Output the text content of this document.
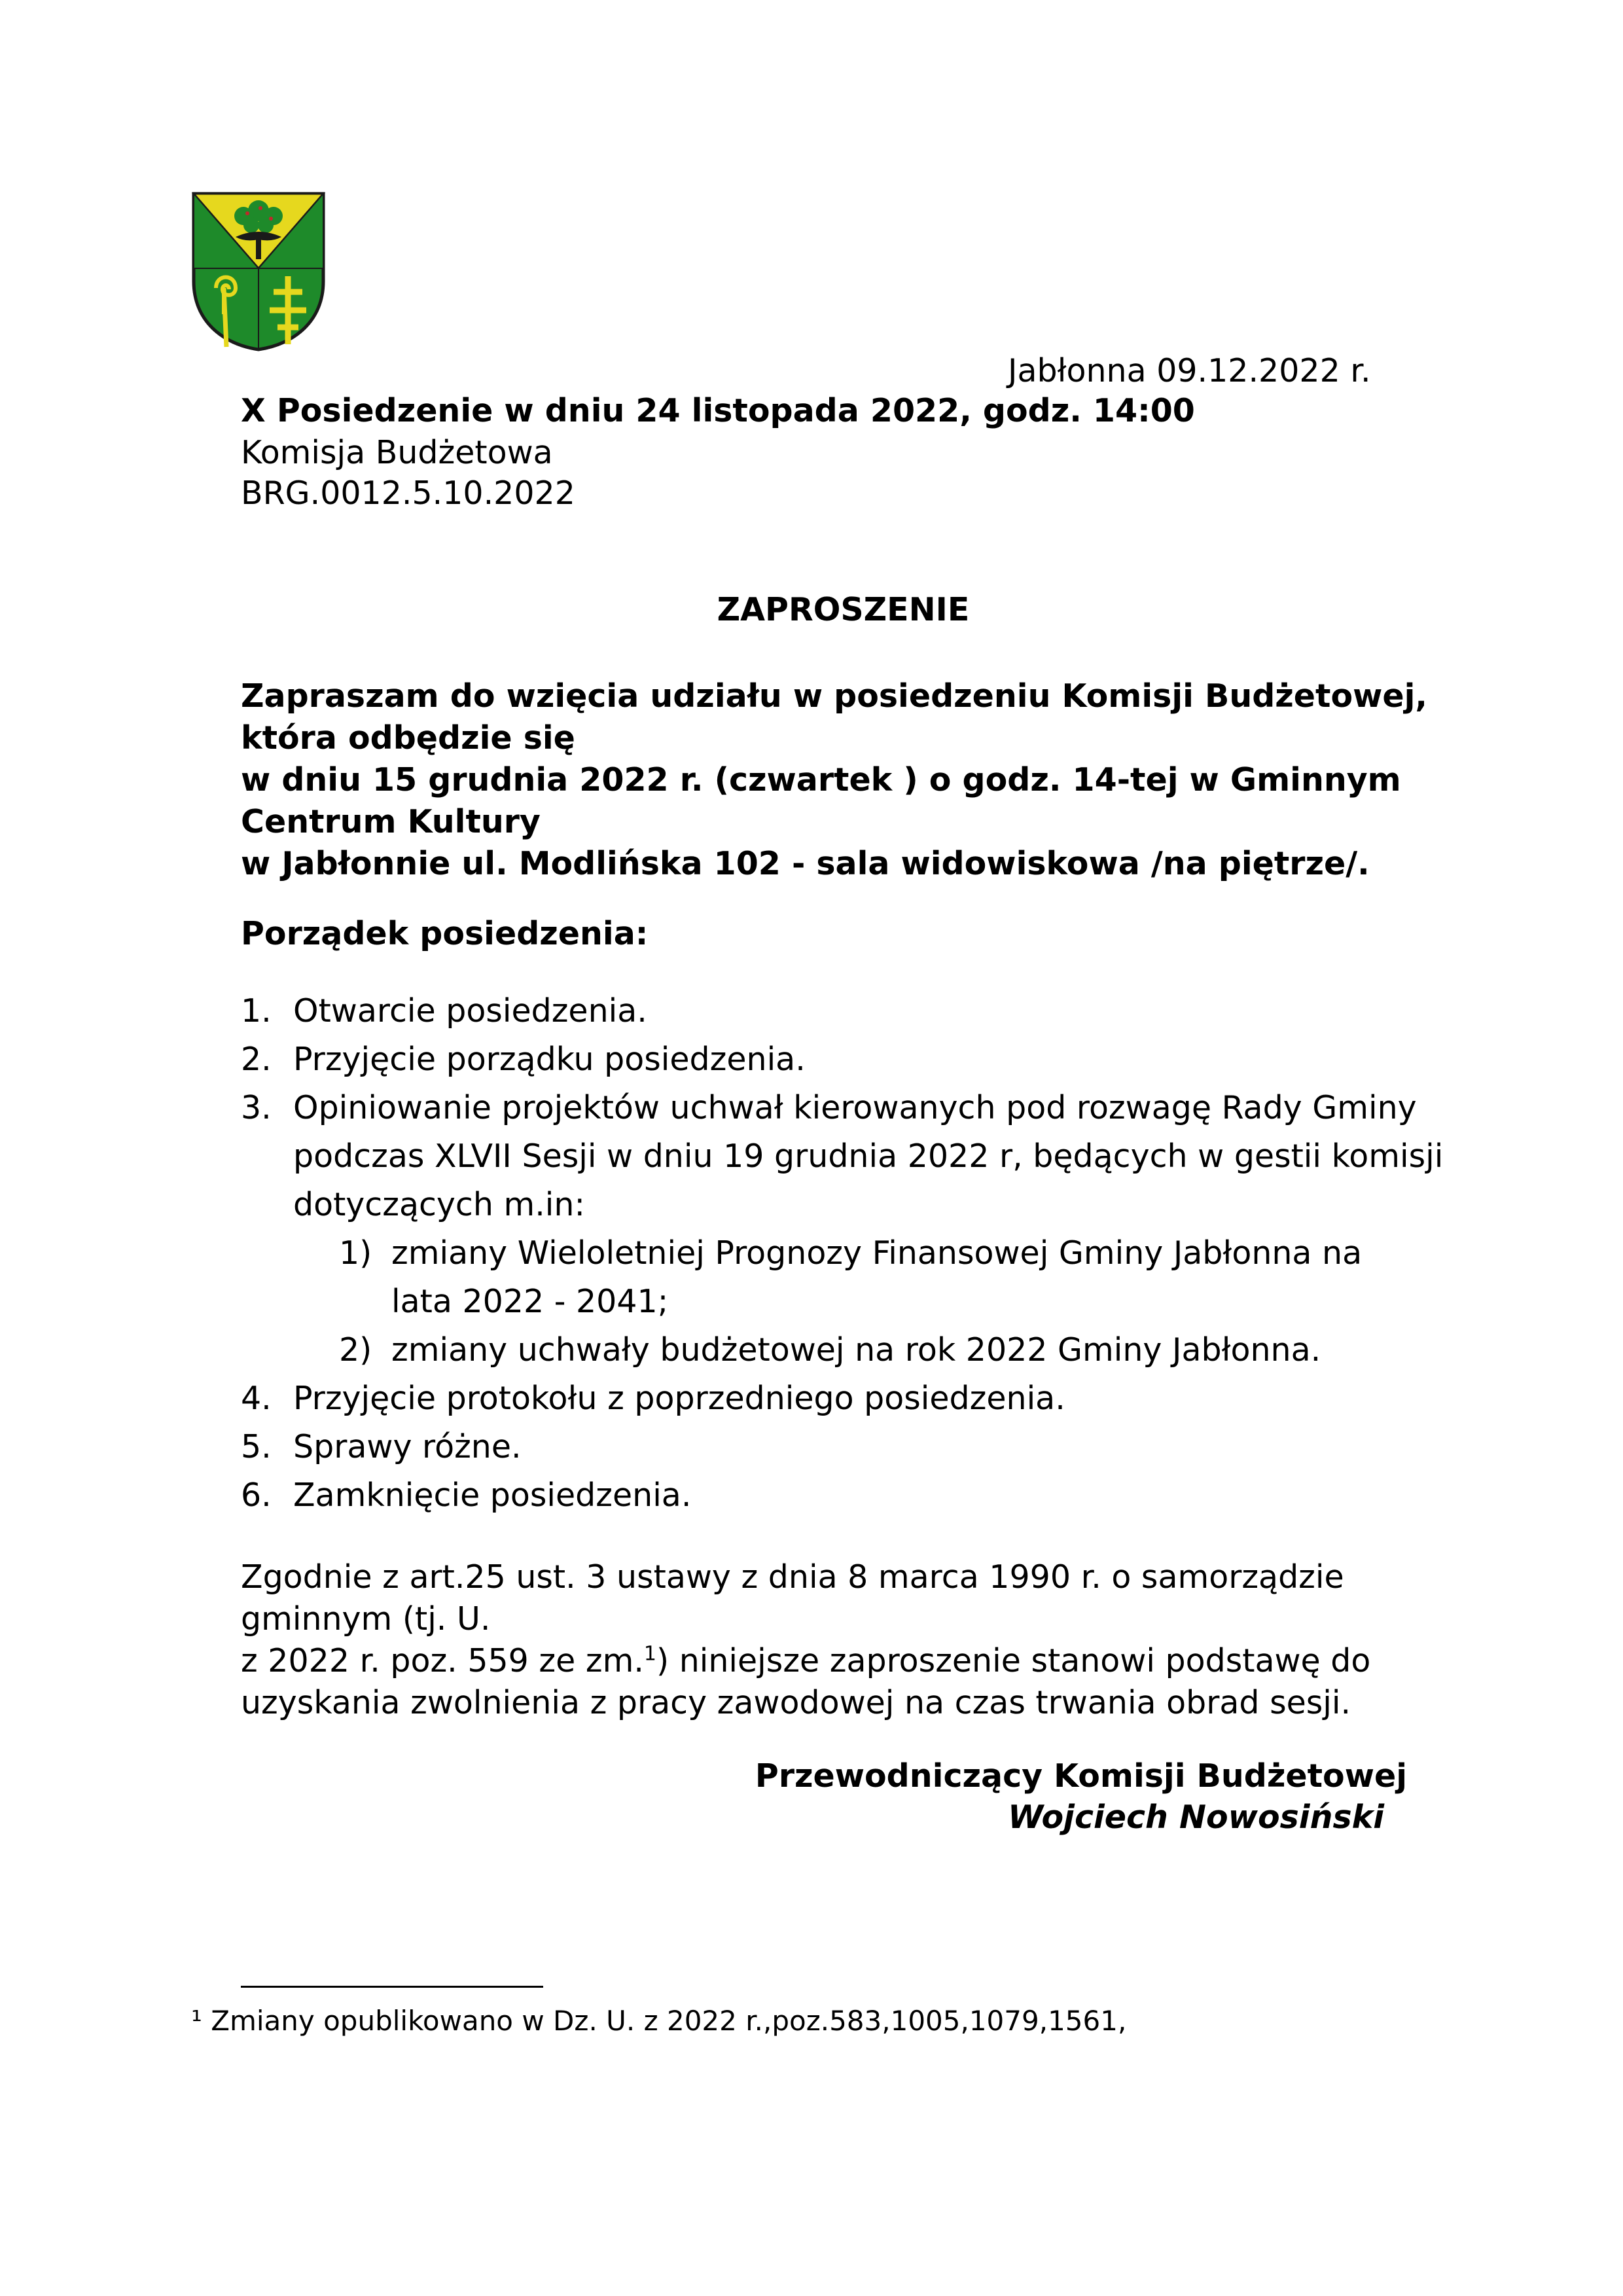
Jabłonna 09.12.2022 r.
X Posiedzenie w dniu 24 listopada 2022, godz. 14:00
Komisja Budżetowa
BRG.0012.5.10.2022
ZAPROSZENIE
Zapraszam do wzięcia udziału w posiedzeniu Komisji Budżetowej, która odbędzie się
w dniu 15 grudnia 2022 r. (czwartek ) o godz. 14-tej w Gminnym Centrum Kultury
w Jabłonnie ul. Modlińska 102 - sala widowiskowa /na piętrze/.
Porządek posiedzenia:
1. Otwarcie posiedzenia.
2. Przyjęcie porządku posiedzenia.
3. Opiniowanie projektów uchwał kierowanych pod rozwagę Rady Gminy podczas XLVII Sesji w dniu 19 grudnia 2022 r, będących w gestii komisji dotyczących m.in:
1) zmiany Wieloletniej Prognozy Finansowej Gminy Jabłonna na lata 2022 - 2041;
2) zmiany uchwały budżetowej na rok 2022 Gminy Jabłonna.
4. Przyjęcie protokołu z poprzedniego posiedzenia.
5. Sprawy różne.
6. Zamknięcie posiedzenia.
Zgodnie z art.25 ust. 3 ustawy z dnia 8 marca 1990 r. o samorządzie gminnym (tj. U.
z 2022 r. poz. 559 ze zm.$^1$) niniejsze zaproszenie stanowi podstawę do uzyskania zwolnienia z pracy zawodowej na czas trwania obrad sesji.
Przewodniczący Komisji Budżetowej
Wojciech Nowosiński
¹ Zmiany opublikowano w Dz. U. z 2022 r.,poz.583,1005,1079,1561,
